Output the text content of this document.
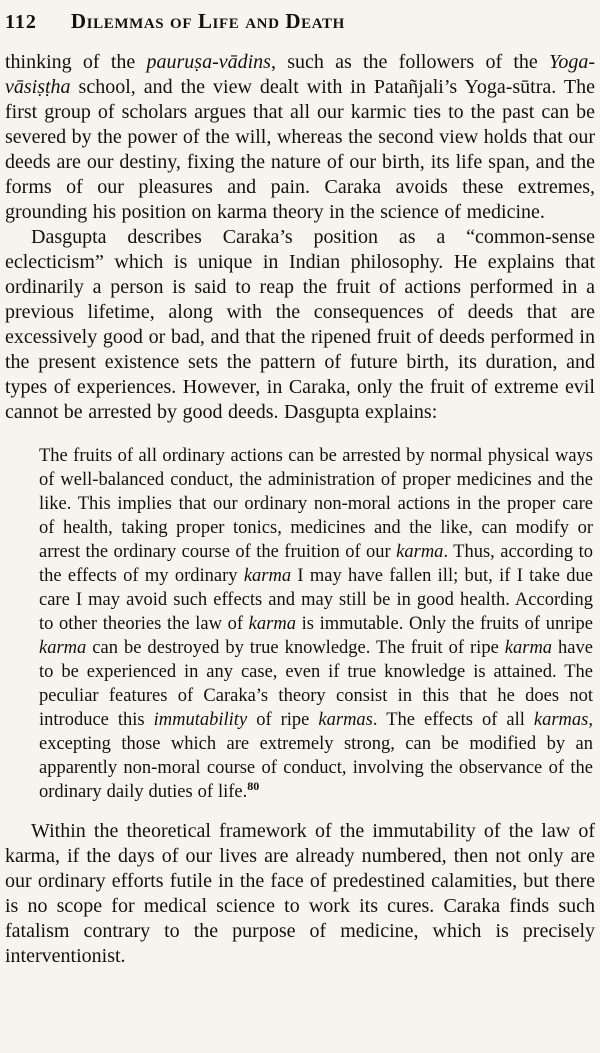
112 Dilemmas of Life and Death

thinking of the pauruṣa-vādins, such as the followers of the Yoga-vāsiṣṭha school, and the view dealt with in Patañjali’s Yoga-sūtra. The first group of scholars argues that all our karmic ties to the past can be severed by the power of the will, whereas the second view holds that our deeds are our destiny, fixing the nature of our birth, its life span, and the forms of our pleasures and pain. Caraka avoids these extremes, grounding his position on karma theory in the science of medicine.

Dasgupta describes Caraka’s position as a “common-sense eclecticism” which is unique in Indian philosophy. He explains that ordinarily a person is said to reap the fruit of actions performed in a previous lifetime, along with the consequences of deeds that are excessively good or bad, and that the ripened fruit of deeds performed in the present existence sets the pattern of future birth, its duration, and types of experiences. However, in Caraka, only the fruit of extreme evil cannot be arrested by good deeds. Dasgupta explains:

The fruits of all ordinary actions can be arrested by normal physical ways of well-balanced conduct, the administration of proper medicines and the like. This implies that our ordinary non-moral actions in the proper care of health, taking proper tonics, medicines and the like, can modify or arrest the ordinary course of the fruition of our karma. Thus, according to the effects of my ordinary karma I may have fallen ill; but, if I take due care I may avoid such effects and may still be in good health. According to other theories the law of karma is immutable. Only the fruits of unripe karma can be destroyed by true knowledge. The fruit of ripe karma have to be experienced in any case, even if true knowledge is attained. The peculiar features of Caraka’s theory consist in this that he does not introduce this immutability of ripe karmas. The effects of all karmas, excepting those which are extremely strong, can be modified by an apparently non-moral course of conduct, involving the observance of the ordinary daily duties of life.$^{80}$

Within the theoretical framework of the immutability of the law of karma, if the days of our lives are already numbered, then not only are our ordinary efforts futile in the face of predestined calamities, but there is no scope for medical science to work its cures. Caraka finds such fatalism contrary to the purpose of medicine, which is precisely interventionist.
